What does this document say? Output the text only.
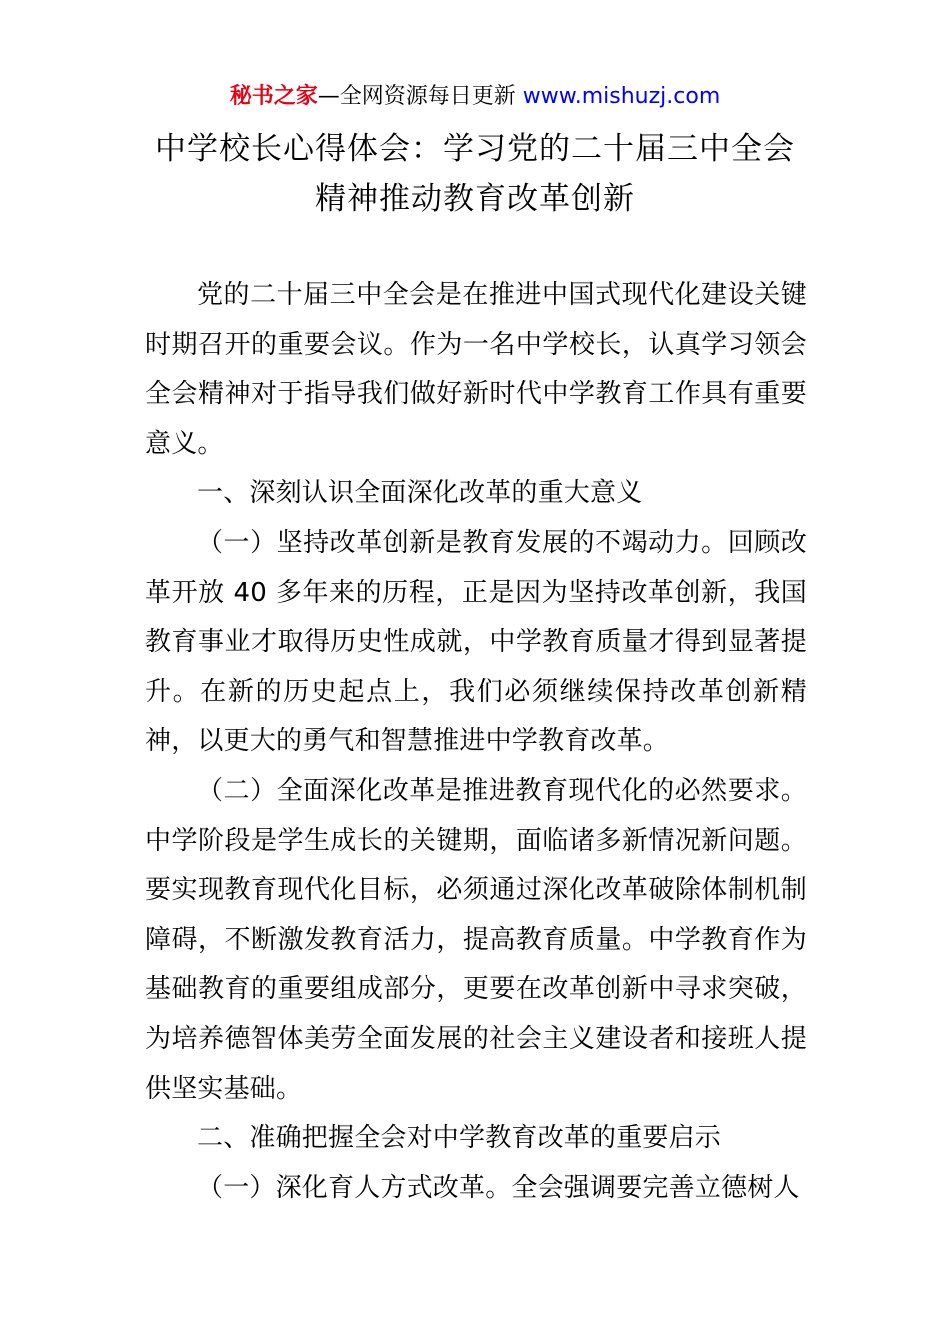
秘书之家—全网资源每日更新 www.mishuzj.com
中学校长心得体会：学习党的二十届三中全会
精神推动教育改革创新

党的二十届三中全会是在推进中国式现代化建设关键时期召开的重要会议。作为一名中学校长，认真学习领会全会精神对于指导我们做好新时代中学教育工作具有重要意义。

一、深刻认识全面深化改革的重大意义

（一）坚持改革创新是教育发展的不竭动力。回顾改革开放 40 多年来的历程，正是因为坚持改革创新，我国教育事业才取得历史性成就，中学教育质量才得到显著提升。在新的历史起点上，我们必须继续保持改革创新精神，以更大的勇气和智慧推进中学教育改革。

（二）全面深化改革是推进教育现代化的必然要求。中学阶段是学生成长的关键期，面临诸多新情况新问题。要实现教育现代化目标，必须通过深化改革破除体制机制障碍，不断激发教育活力，提高教育质量。中学教育作为基础教育的重要组成部分，更要在改革创新中寻求突破，为培养德智体美劳全面发展的社会主义建设者和接班人提供坚实基础。

二、准确把握全会对中学教育改革的重要启示

（一）深化育人方式改革。全会强调要完善立德树人
